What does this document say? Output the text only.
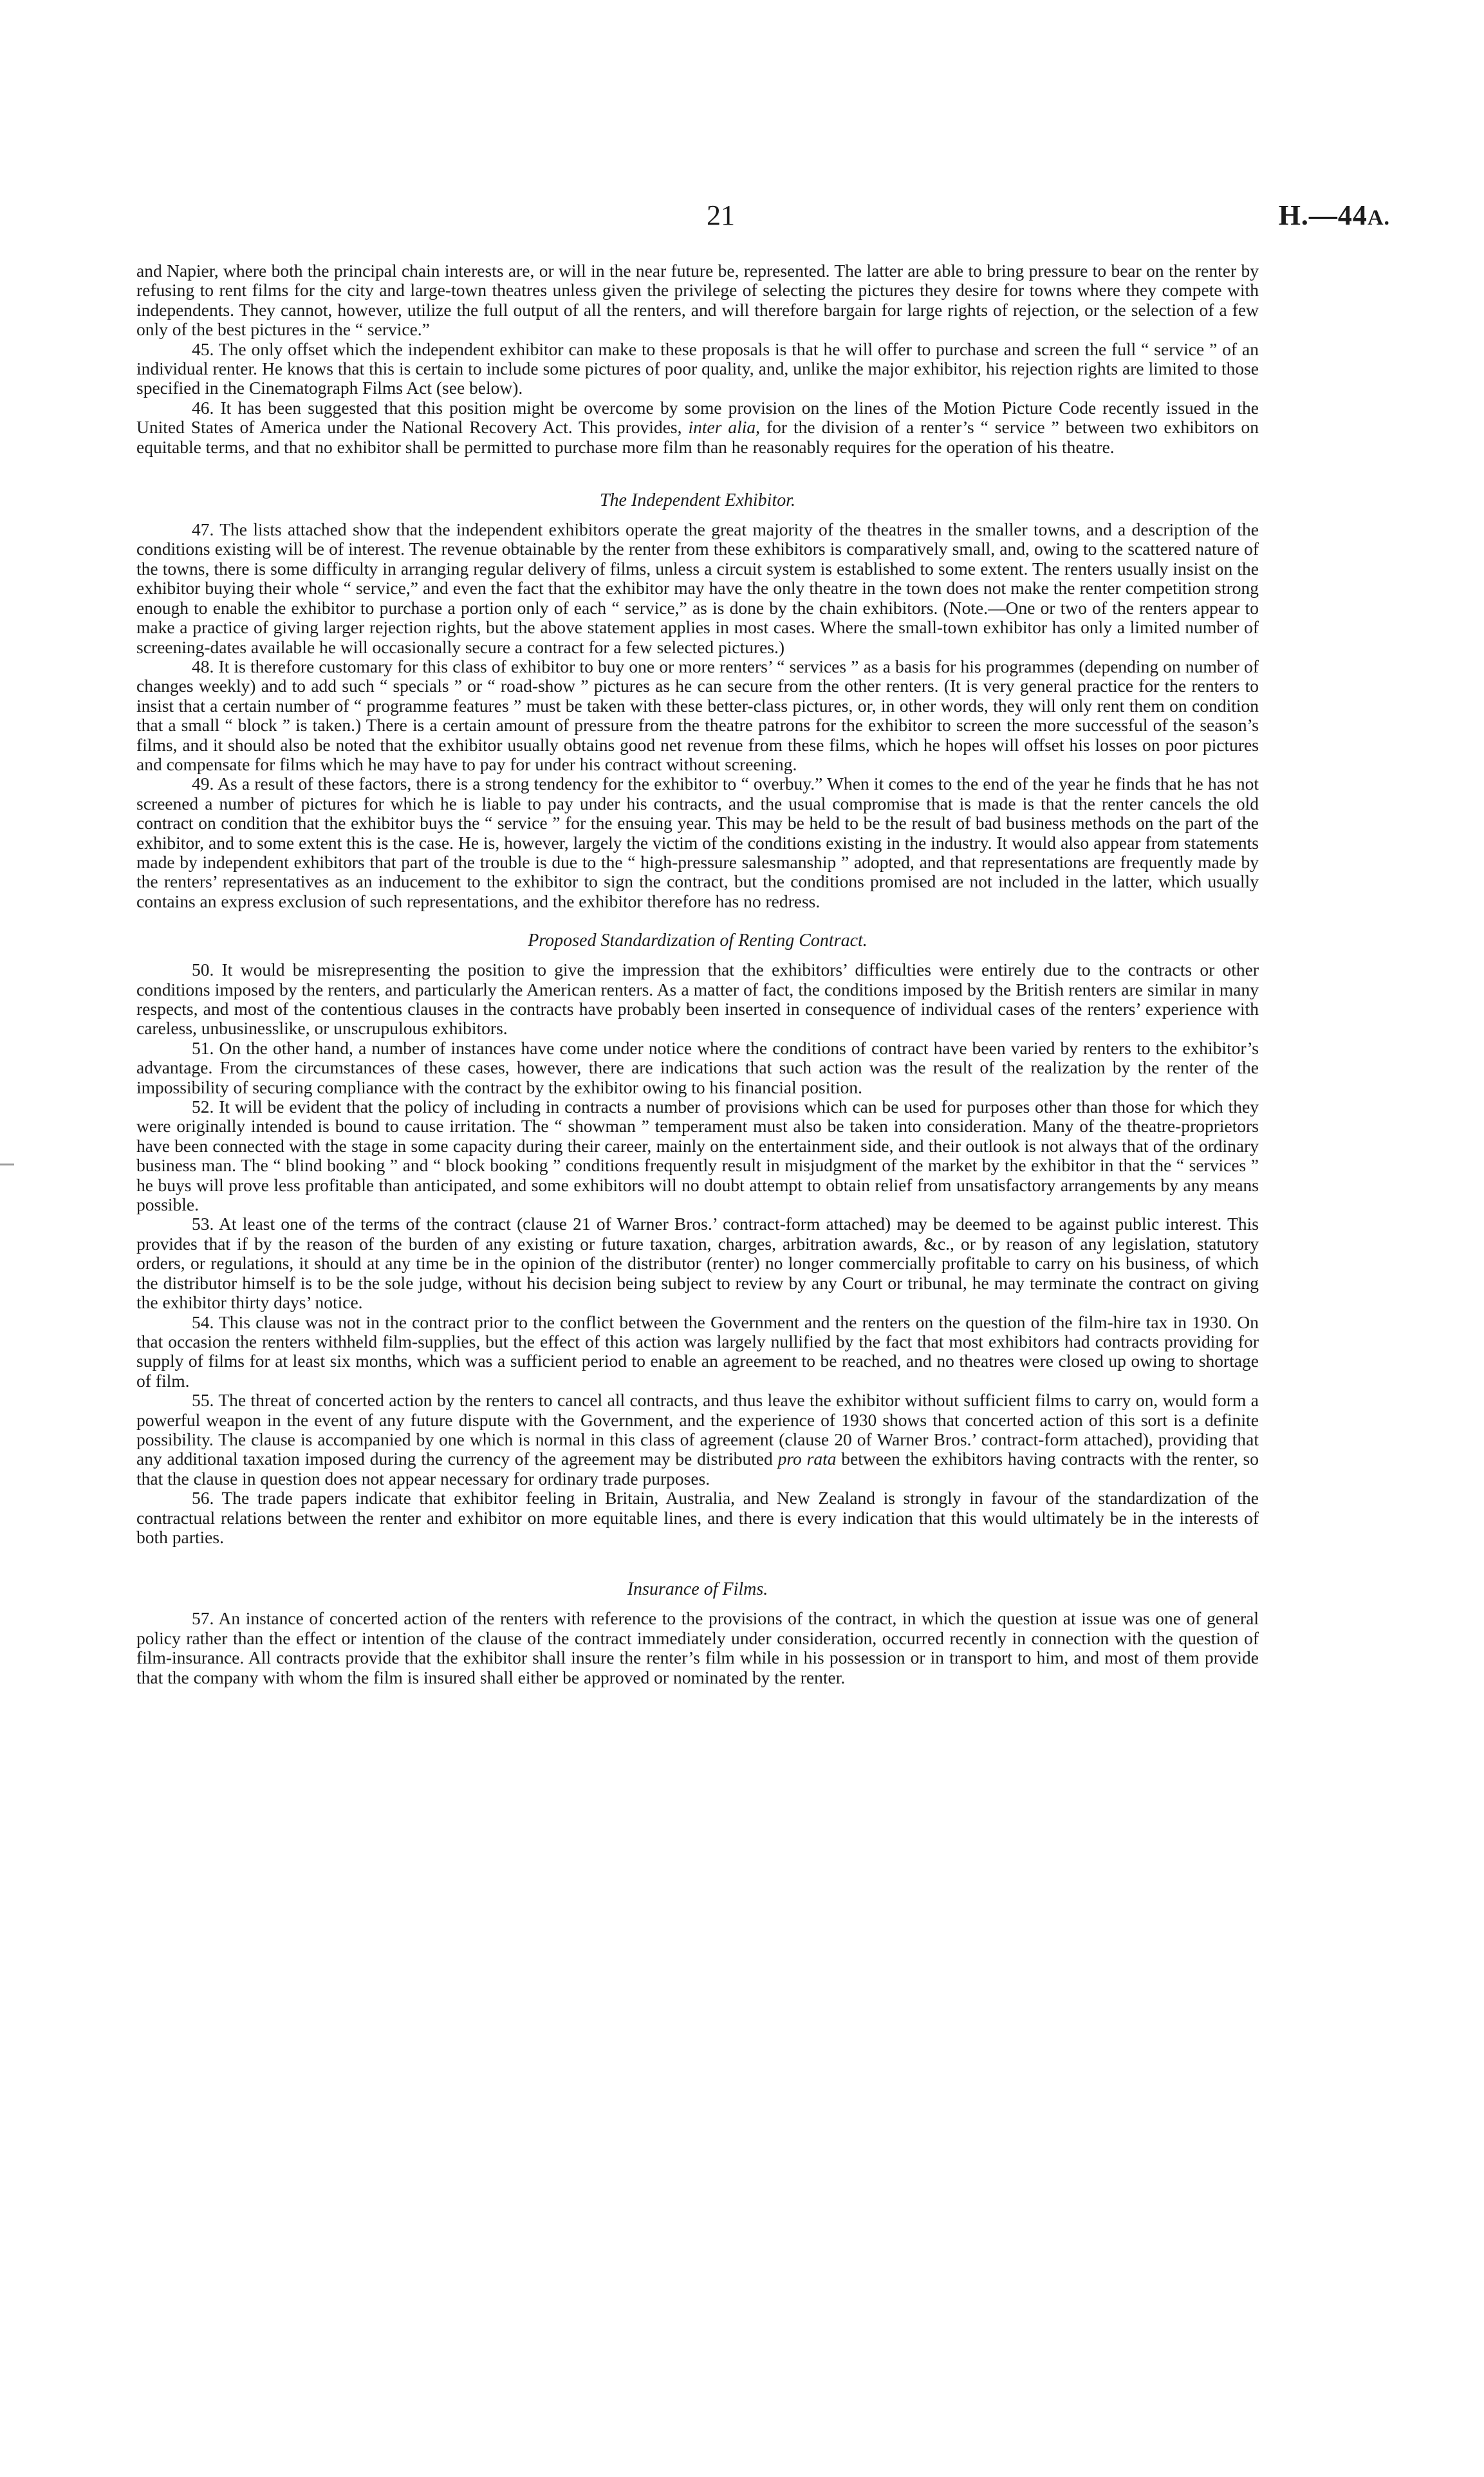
21	H.—44A.

and Napier, where both the principal chain interests are, or will in the near future be, represented. The latter are able to bring pressure to bear on the renter by refusing to rent films for the city and large-town theatres unless given the privilege of selecting the pictures they desire for towns where they compete with independents. They cannot, however, utilize the full output of all the renters, and will therefore bargain for large rights of rejection, or the selection of a few only of the best pictures in the “ service.”

45. The only offset which the independent exhibitor can make to these proposals is that he will offer to purchase and screen the full “ service ” of an individual renter. He knows that this is certain to include some pictures of poor quality, and, unlike the major exhibitor, his rejection rights are limited to those specified in the Cinematograph Films Act (see below).

46. It has been suggested that this position might be overcome by some provision on the lines of the Motion Picture Code recently issued in the United States of America under the National Recovery Act. This provides, inter alia, for the division of a renter’s “ service ” between two exhibitors on equitable terms, and that no exhibitor shall be permitted to purchase more film than he reasonably requires for the operation of his theatre.

The Independent Exhibitor.

47. The lists attached show that the independent exhibitors operate the great majority of the theatres in the smaller towns, and a description of the conditions existing will be of interest. The revenue obtainable by the renter from these exhibitors is comparatively small, and, owing to the scattered nature of the towns, there is some difficulty in arranging regular delivery of films, unless a circuit system is established to some extent. The renters usually insist on the exhibitor buying their whole “ service,” and even the fact that the exhibitor may have the only theatre in the town does not make the renter competition strong enough to enable the exhibitor to purchase a portion only of each “ service,” as is done by the chain exhibitors. (Note.—One or two of the renters appear to make a practice of giving larger rejection rights, but the above statement applies in most cases. Where the small-town exhibitor has only a limited number of screening-dates available he will occasionally secure a contract for a few selected pictures.)

48. It is therefore customary for this class of exhibitor to buy one or more renters’ “ services ” as a basis for his programmes (depending on number of changes weekly) and to add such “ specials ” or “ road-show ” pictures as he can secure from the other renters. (It is very general practice for the renters to insist that a certain number of “ programme features ” must be taken with these better-class pictures, or, in other words, they will only rent them on condition that a small “ block ” is taken.) There is a certain amount of pressure from the theatre patrons for the exhibitor to screen the more successful of the season’s films, and it should also be noted that the exhibitor usually obtains good net revenue from these films, which he hopes will offset his losses on poor pictures and compensate for films which he may have to pay for under his contract without screening.

49. As a result of these factors, there is a strong tendency for the exhibitor to “ overbuy.” When it comes to the end of the year he finds that he has not screened a number of pictures for which he is liable to pay under his contracts, and the usual compromise that is made is that the renter cancels the old contract on condition that the exhibitor buys the “ service ” for the ensuing year. This may be held to be the result of bad business methods on the part of the exhibitor, and to some extent this is the case. He is, however, largely the victim of the conditions existing in the industry. It would also appear from statements made by independent exhibitors that part of the trouble is due to the “ high-pressure salesmanship ” adopted, and that representations are frequently made by the renters’ representatives as an inducement to the exhibitor to sign the contract, but the conditions promised are not included in the latter, which usually contains an express exclusion of such representations, and the exhibitor therefore has no redress.

Proposed Standardization of Renting Contract.

50. It would be misrepresenting the position to give the impression that the exhibitors’ difficulties were entirely due to the contracts or other conditions imposed by the renters, and particularly the American renters. As a matter of fact, the conditions imposed by the British renters are similar in many respects, and most of the contentious clauses in the contracts have probably been inserted in consequence of individual cases of the renters’ experience with careless, unbusinesslike, or unscrupulous exhibitors.

51. On the other hand, a number of instances have come under notice where the conditions of contract have been varied by renters to the exhibitor’s advantage. From the circumstances of these cases, however, there are indications that such action was the result of the realization by the renter of the impossibility of securing compliance with the contract by the exhibitor owing to his financial position.

52. It will be evident that the policy of including in contracts a number of provisions which can be used for purposes other than those for which they were originally intended is bound to cause irritation. The “ showman ” temperament must also be taken into consideration. Many of the theatre-proprietors have been connected with the stage in some capacity during their career, mainly on the entertainment side, and their outlook is not always that of the ordinary business man. The “ blind booking ” and “ block booking ” conditions frequently result in misjudgment of the market by the exhibitor in that the “ services ” he buys will prove less profitable than anticipated, and some exhibitors will no doubt attempt to obtain relief from unsatisfactory arrangements by any means possible.

53. At least one of the terms of the contract (clause 21 of Warner Bros.’ contract-form attached) may be deemed to be against public interest. This provides that if by the reason of the burden of any existing or future taxation, charges, arbitration awards, &c., or by reason of any legislation, statutory orders, or regulations, it should at any time be in the opinion of the distributor (renter) no longer commercially profitable to carry on his business, of which the distributor himself is to be the sole judge, without his decision being subject to review by any Court or tribunal, he may terminate the contract on giving the exhibitor thirty days’ notice.

54. This clause was not in the contract prior to the conflict between the Government and the renters on the question of the film-hire tax in 1930. On that occasion the renters withheld film-supplies, but the effect of this action was largely nullified by the fact that most exhibitors had contracts providing for supply of films for at least six months, which was a sufficient period to enable an agreement to be reached, and no theatres were closed up owing to shortage of film.

55. The threat of concerted action by the renters to cancel all contracts, and thus leave the exhibitor without sufficient films to carry on, would form a powerful weapon in the event of any future dispute with the Government, and the experience of 1930 shows that concerted action of this sort is a definite possibility. The clause is accompanied by one which is normal in this class of agreement (clause 20 of Warner Bros.’ contract-form attached), providing that any additional taxation imposed during the currency of the agreement may be distributed pro rata between the exhibitors having contracts with the renter, so that the clause in question does not appear necessary for ordinary trade purposes.

56. The trade papers indicate that exhibitor feeling in Britain, Australia, and New Zealand is strongly in favour of the standardization of the contractual relations between the renter and exhibitor on more equitable lines, and there is every indication that this would ultimately be in the interests of both parties.

Insurance of Films.

57. An instance of concerted action of the renters with reference to the provisions of the contract, in which the question at issue was one of general policy rather than the effect or intention of the clause of the contract immediately under consideration, occurred recently in connection with the question of film-insurance. All contracts provide that the exhibitor shall insure the renter’s film while in his possession or in transport to him, and most of them provide that the company with whom the film is insured shall either be approved or nominated by the renter.
